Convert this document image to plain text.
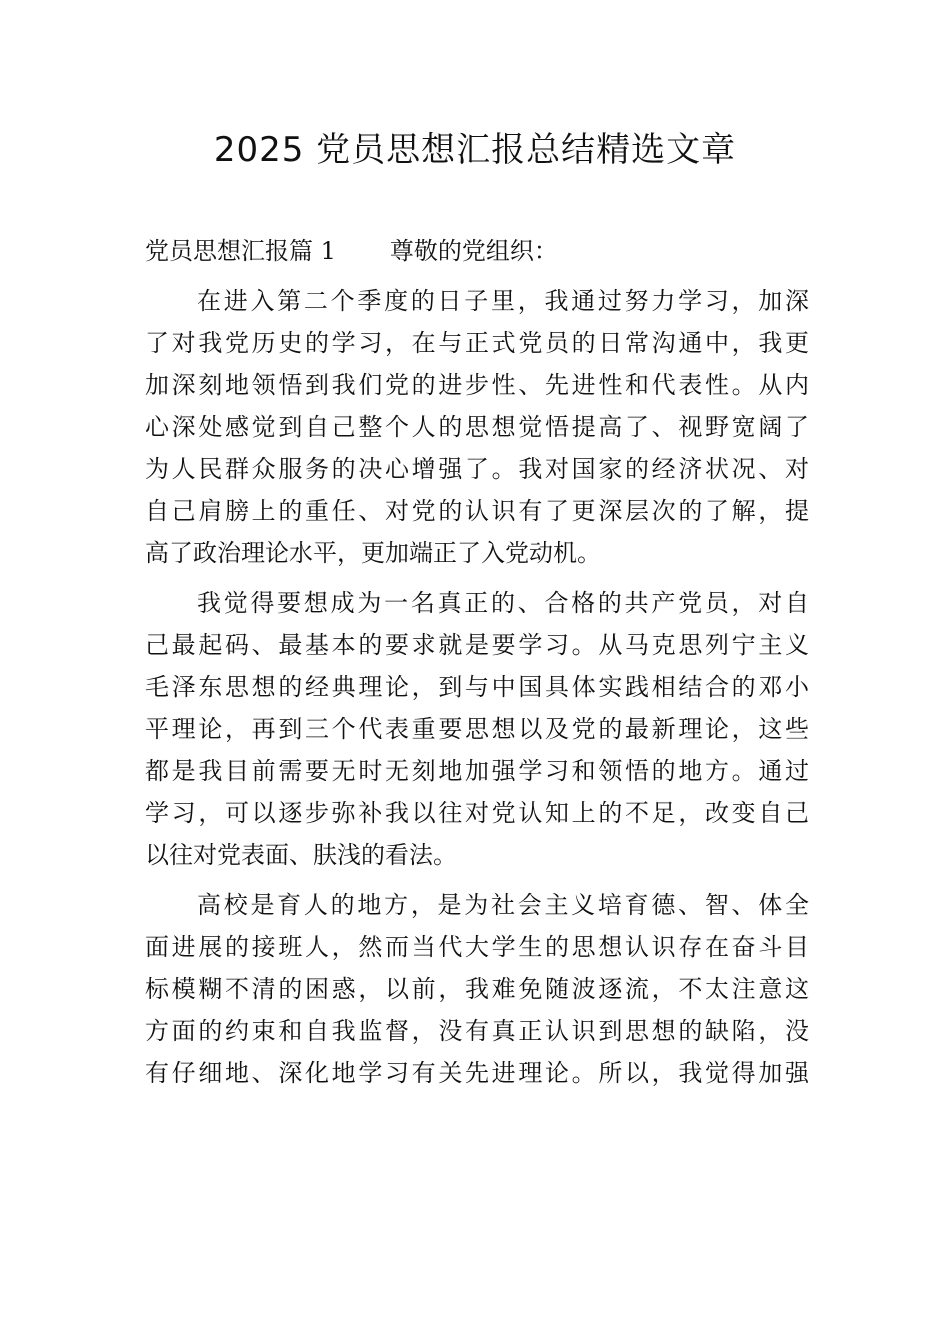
2025 党员思想汇报总结精选文章
党员思想汇报篇 1 尊敬的党组织：
在进入第二个季度的日子里，我通过努力学习，加深
了对我党历史的学习，在与正式党员的日常沟通中，我更
加深刻地领悟到我们党的进步性、先进性和代表性。从内
心深处感觉到自己整个人的思想觉悟提高了、视野宽阔了
为人民群众服务的决心增强了。我对国家的经济状况、对
自己肩膀上的重任、对党的认识有了更深层次的了解，提
高了政治理论水平，更加端正了入党动机。
我觉得要想成为一名真正的、合格的共产党员，对自
己最起码、最基本的要求就是要学习。从马克思列宁主义
毛泽东思想的经典理论，到与中国具体实践相结合的邓小
平理论，再到三个代表重要思想以及党的最新理论，这些
都是我目前需要无时无刻地加强学习和领悟的地方。通过
学习，可以逐步弥补我以往对党认知上的不足，改变自己
以往对党表面、肤浅的看法。
高校是育人的地方，是为社会主义培育德、智、体全
面进展的接班人，然而当代大学生的思想认识存在奋斗目
标模糊不清的困惑，以前，我难免随波逐流，不太注意这
方面的约束和自我监督，没有真正认识到思想的缺陷，没
有仔细地、深化地学习有关先进理论。所以，我觉得加强
